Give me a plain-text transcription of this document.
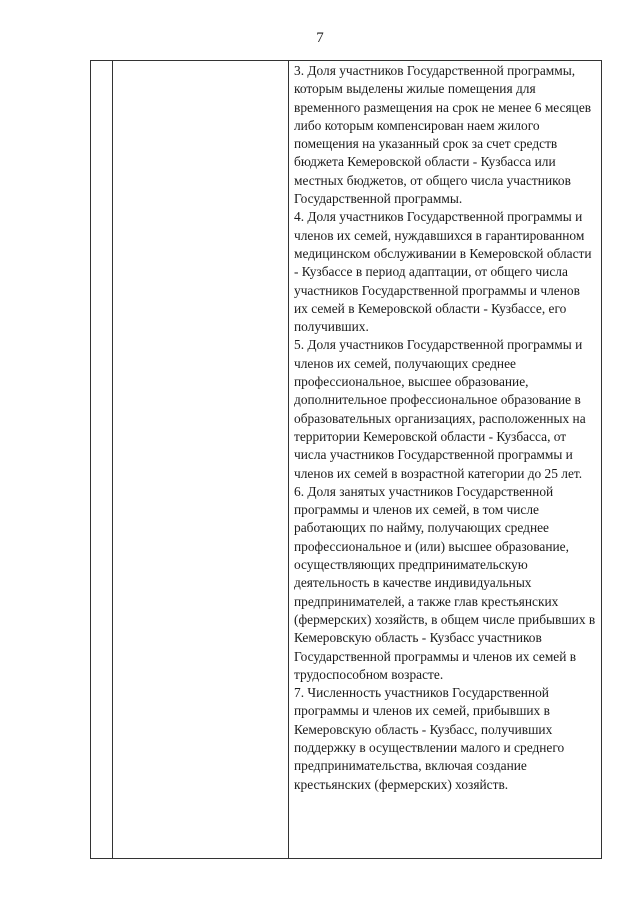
7

3. Доля участников Государственной программы, которым выделены жилые помещения для временного размещения на срок не менее 6 месяцев либо которым компенсирован наем жилого помещения на указанный срок за счет средств бюджета Кемеровской области - Кузбасса или местных бюджетов, от общего числа участников Государственной программы.

4. Доля участников Государственной программы и членов их семей, нуждавшихся в гарантированном медицинском обслуживании в Кемеровской области - Кузбассе в период адаптации, от общего числа участников Государственной программы и членов их семей в Кемеровской области - Кузбассе, его получивших.

5. Доля участников Государственной программы и членов их семей, получающих среднее профессиональное, высшее образование, дополнительное профессиональное образование в образовательных организациях, расположенных на территории Кемеровской области - Кузбасса, от числа участников Государственной программы и членов их семей в возрастной категории до 25 лет.

6. Доля занятых участников Государственной программы и членов их семей, в том числе работающих по найму, получающих среднее профессиональное и (или) высшее образование, осуществляющих предпринимательскую деятельность в качестве индивидуальных предпринимателей, а также глав крестьянских (фермерских) хозяйств, в общем числе прибывших в Кемеровскую область - Кузбасс участников Государственной программы и членов их семей в трудоспособном возрасте.

7. Численность участников Государственной программы и членов их семей, прибывших в Кемеровскую область - Кузбасс, получивших поддержку в осуществлении малого и среднего предпринимательства, включая создание крестьянских (фермерских) хозяйств.
